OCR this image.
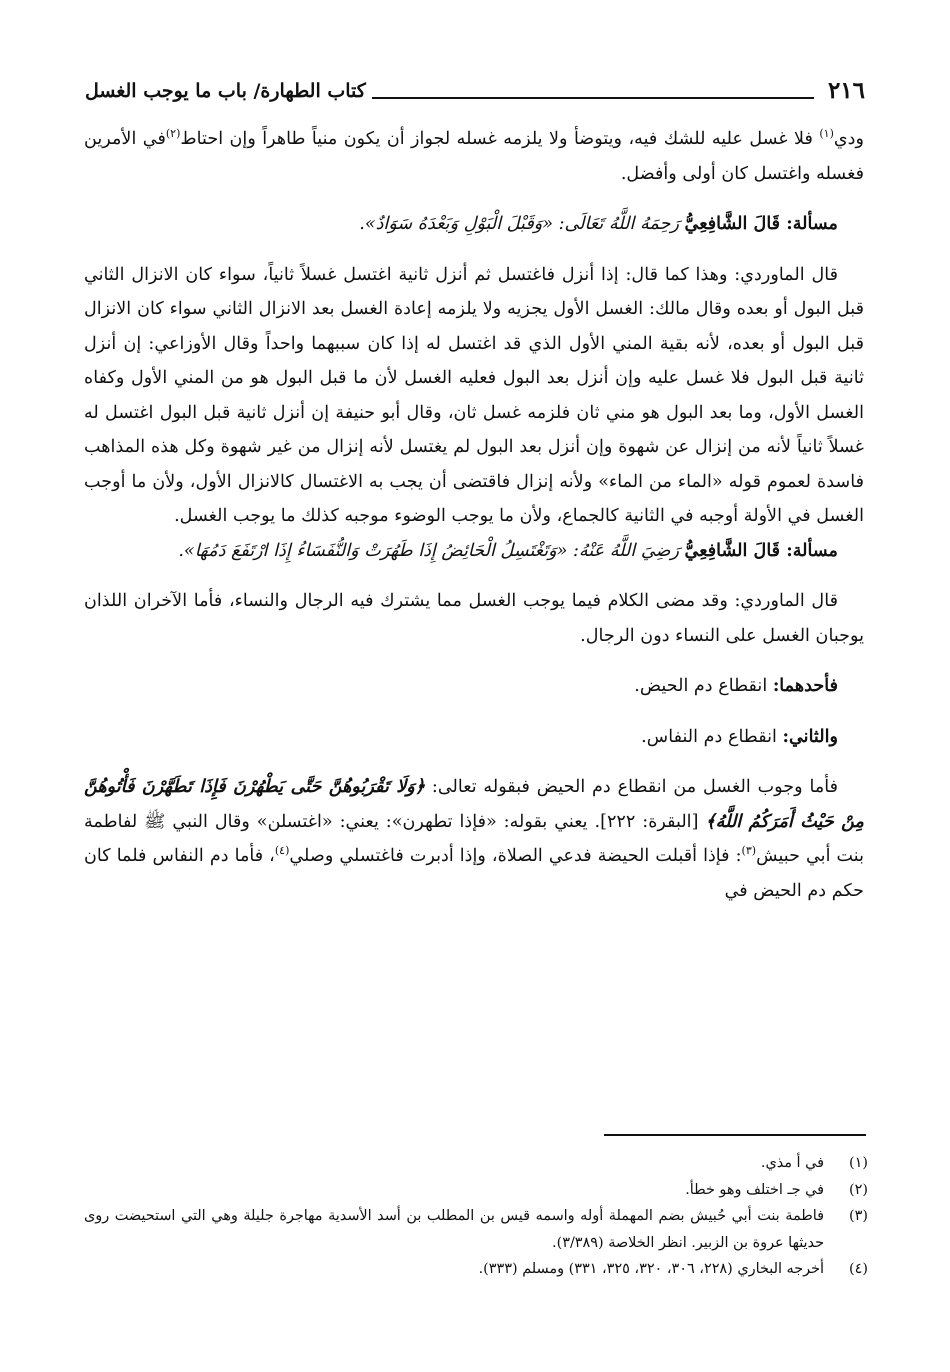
٢١٦
كتاب الطهارة/ باب ما يوجب الغسل

ودي$^{(١)}$ فلا غسل عليه للشك فيه، ويتوضأ ولا يلزمه غسله لجواز أن يكون منياً طاهراً وإن احتاط$^{(٢)}$في الأمرين فغسله واغتسل كان أولى وأفضل.

مسألة: قَالَ الشَّافِعِيُّ رَحِمَهُ اللَّهُ تَعَالَى: «وَقَبْلَ الْبَوْلِ وَبَعْدَهُ سَوَادٌ».

قال الماوردي: وهذا كما قال: إذا أنزل فاغتسل ثم أنزل ثانية اغتسل غسلاً ثانياً، سواء كان الانزال الثاني قبل البول أو بعده وقال مالك: الغسل الأول يجزيه ولا يلزمه إعادة الغسل بعد الانزال الثاني سواء كان الانزال قبل البول أو بعده، لأنه بقية المني الأول الذي قد اغتسل له إذا كان سببهما واحداً وقال الأوزاعي: إن أنزل ثانية قبل البول فلا غسل عليه وإن أنزل بعد البول فعليه الغسل لأن ما قبل البول هو من المني الأول وكفاه الغسل الأول، وما بعد البول هو مني ثان فلزمه غسل ثان، وقال أبو حنيفة إن أنزل ثانية قبل البول اغتسل له غسلاً ثانياً لأنه من إنزال عن شهوة وإن أنزل بعد البول لم يغتسل لأنه إنزال من غير شهوة وكل هذه المذاهب فاسدة لعموم قوله «الماء من الماء» ولأنه إنزال فاقتضى أن يجب به الاغتسال كالانزال الأول، ولأن ما أوجب الغسل في الأولة أوجبه في الثانية كالجماع، ولأن ما يوجب الوضوء موجبه كذلك ما يوجب الغسل.

مسألة: قَالَ الشَّافِعِيُّ رَضِيَ اللَّهُ عَنْهُ: «وَتَغْتَسِلُ الْحَائِضُ إِذَا طَهُرَتْ وَالنُّفَسَاءُ إِذَا ارْتَفَعَ دَمُهَا».

قال الماوردي: وقد مضى الكلام فيما يوجب الغسل مما يشترك فيه الرجال والنساء، فأما الآخران اللذان يوجبان الغسل على النساء دون الرجال.

فأحدهما: انقطاع دم الحيض.

والثاني: انقطاع دم النفاس.

فأما وجوب الغسل من انقطاع دم الحيض فبقوله تعالى: ﴿وَلَا تَقْرَبُوهُنَّ حَتَّى يَطْهُرْنَ فَإِذَا تَطَهَّرْنَ فَأْتُوهُنَّ مِنْ حَيْثُ أَمَرَكُمُ اللَّهُ﴾ [البقرة: ٢٢٢]. يعني بقوله: «فإذا تطهرن»: يعني: «اغتسلن» وقال النبي ﷺ لفاطمة بنت أبي حبيش$^{(٣)}$: فإذا أقبلت الحيضة فدعي الصلاة، وإذا أدبرت فاغتسلي وصلي$^{(٤)}$، فأما دم النفاس فلما كان حكم دم الحيض في

(١)
في أ مذي.
(٢)
في جـ اختلف وهو خطأ.
(٣)
فاطمة بنت أبي حُبيش بضم المهملة أوله واسمه قيس بن المطلب بن أسد الأسدية مهاجرة جليلة وهي التي استحيضت روى حديثها عروة بن الزبير. انظر الخلاصة (٣/٣٨٩).
(٤)
أخرجه البخاري (٢٢٨، ٣٠٦، ٣٢٠، ٣٢٥، ٣٣١) ومسلم (٣٣٣).
